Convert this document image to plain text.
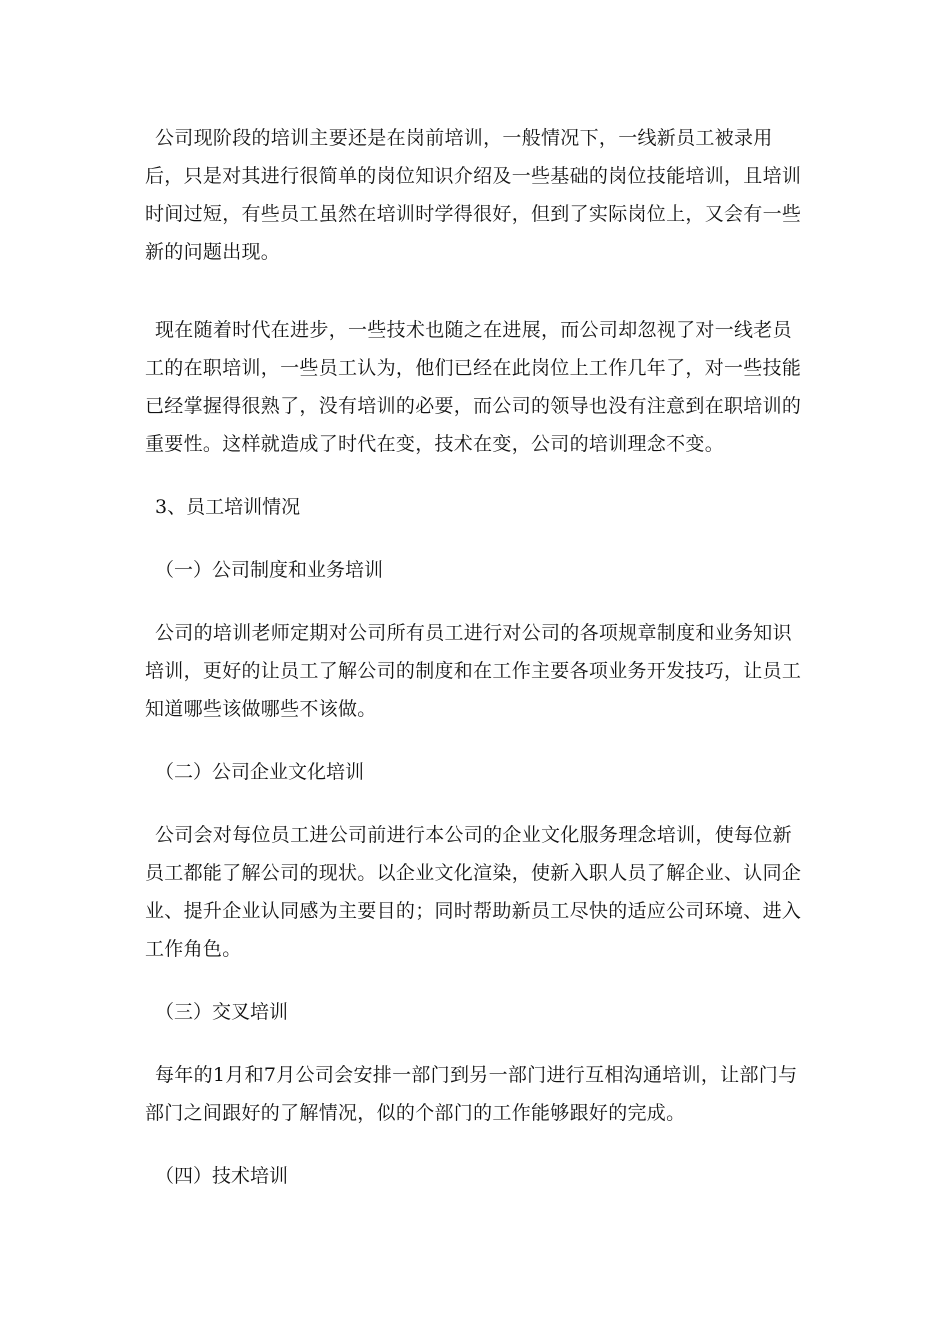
公司现阶段的培训主要还是在岗前培训，一般情况下，一线新员工被录用后，只是对其进行很简单的岗位知识介绍及一些基础的岗位技能培训，且培训时间过短，有些员工虽然在培训时学得很好，但到了实际岗位上，又会有一些新的问题出现。

现在随着时代在进步，一些技术也随之在进展，而公司却忽视了对一线老员工的在职培训，一些员工认为，他们已经在此岗位上工作几年了，对一些技能已经掌握得很熟了，没有培训的必要，而公司的领导也没有注意到在职培训的重要性。这样就造成了时代在变，技术在变，公司的培训理念不变。

3、员工培训情况

（一）公司制度和业务培训

公司的培训老师定期对公司所有员工进行对公司的各项规章制度和业务知识培训，更好的让员工了解公司的制度和在工作主要各项业务开发技巧，让员工知道哪些该做哪些不该做。

（二）公司企业文化培训

公司会对每位员工进公司前进行本公司的企业文化服务理念培训，使每位新员工都能了解公司的现状。以企业文化渲染，使新入职人员了解企业、认同企业、提升企业认同感为主要目的；同时帮助新员工尽快的适应公司环境、进入工作角色。

（三）交叉培训

每年的1月和7月公司会安排一部门到另一部门进行互相沟通培训，让部门与部门之间跟好的了解情况，似的个部门的工作能够跟好的完成。

（四）技术培训
